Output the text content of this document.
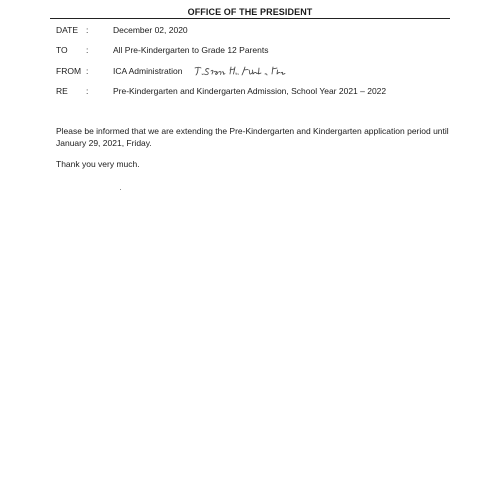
OFFICE OF THE PRESIDENT
DATE :	December 02, 2020
TO :	All Pre-Kindergarten to Grade 12 Parents
FROM :	ICA Administration
RE :	Pre-Kindergarten and Kindergarten Admission, School Year 2021 – 2022
Please be informed that we are extending the Pre-Kindergarten and Kindergarten application period until January 29, 2021, Friday.
Thank you very much.
